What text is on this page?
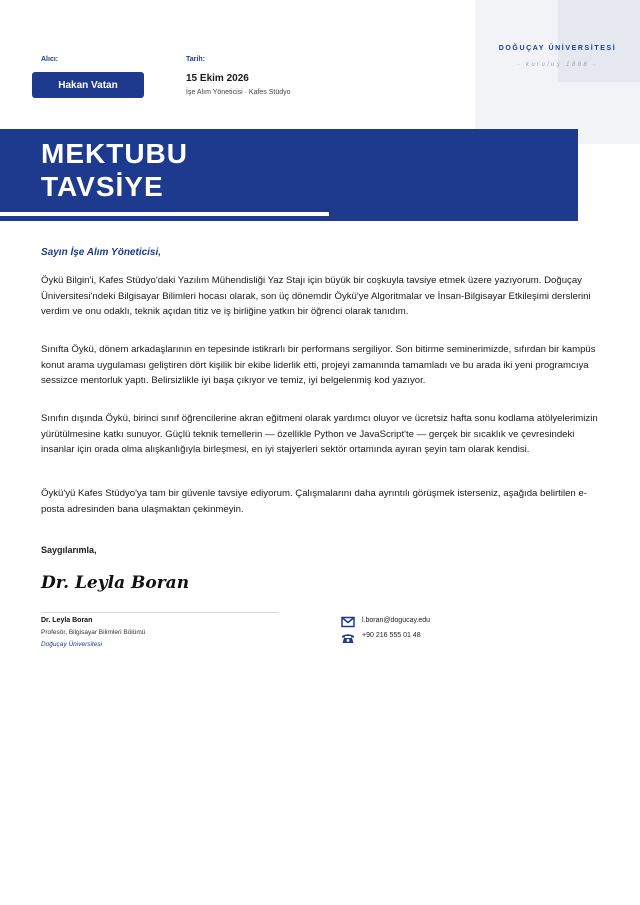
DOĞUÇAY ÜNİVERSİTESİ
· kuruluş 1888 ·
Alıcı:
Hakan Vatan
Tarih:
15 Ekim 2026
İşe Alım Yöneticisi · Kafes Stüdyo
MEKTUBU
TAVSİYE
Sayın İşe Alım Yöneticisi,
Öykü Bilgin'i, Kafes Stüdyo'daki Yazılım Mühendisliği Yaz Stajı için büyük bir coşkuyla tavsiye etmek üzere yazıyorum. Doğuçay Üniversitesi'ndeki Bilgisayar Bilimleri hocası olarak, son üç dönemdir Öykü'ye Algoritmalar ve İnsan-Bilgisayar Etkileşimi derslerini verdim ve onu odaklı, teknik açıdan titiz ve iş birliğine yatkın bir öğrenci olarak tanıdım.
Sınıfta Öykü, dönem arkadaşlarının en tepesinde istikrarlı bir performans sergiliyor. Son bitirme seminerimizde, sıfırdan bir kampüs konut arama uygulaması geliştiren dört kişilik bir ekibe liderlik etti, projeyi zamanında tamamladı ve bu arada iki yeni programcıya sessizce mentorluk yaptı. Belirsizlikle iyi başa çıkıyor ve temiz, iyi belgelenmiş kod yazıyor.
Sınıfın dışında Öykü, birinci sınıf öğrencilerine akran eğitmeni olarak yardımcı oluyor ve ücretsiz hafta sonu kodlama atölyelerimizin yürütülmesine katkı sunuyor. Güçlü teknik temellerin — özellikle Python ve JavaScript'te — gerçek bir sıcaklık ve çevresindeki insanlar için orada olma alışkanlığıyla birleşmesi, en iyi stajyerleri sektör ortamında ayıran şeyin tam olarak kendisi.
Öykü'yü Kafes Stüdyo'ya tam bir güvenle tavsiye ediyorum. Çalışmalarını daha ayrıntılı görüşmek isterseniz, aşağıda belirtilen e-posta adresinden bana ulaşmaktan çekinmeyin.
Saygılarımla,
Dr. Leyla Boran
Dr. Leyla Boran
Profesör, Bilgisayar Bilimleri Bölümü
Doğuçay Üniversitesi
l.boran@dogucay.edu
+90 216 555 01 48
